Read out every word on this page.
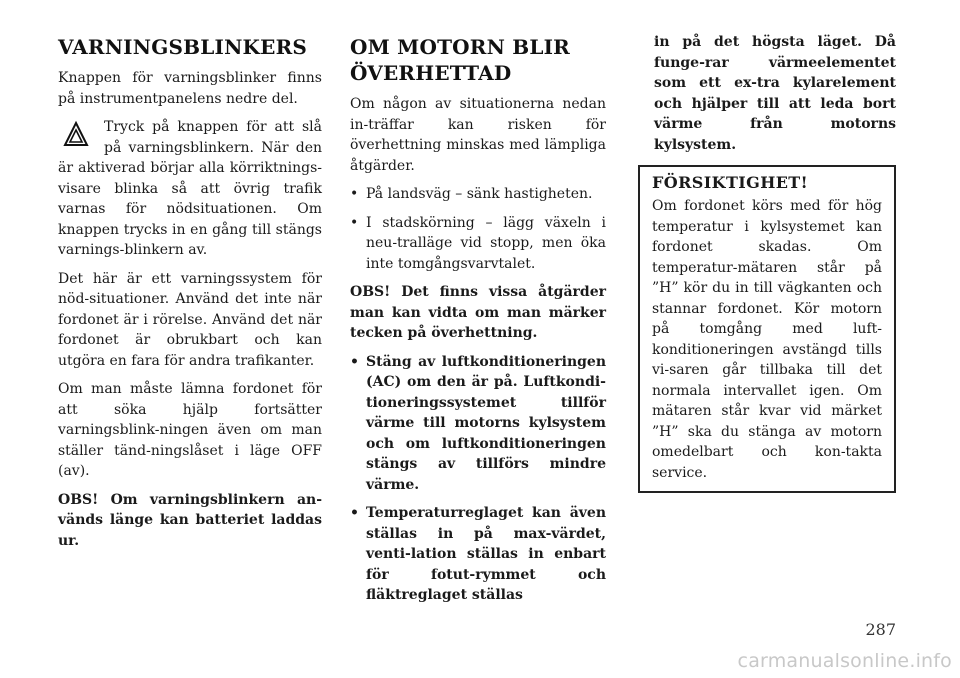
VARNINGSBLINKERS

Knappen för varningsblinker finns på instrumentpanelens nedre del.

Tryck på knappen för att slå på varningsblinkern. När den är aktiverad börjar alla körriktnings-visare blinka så att övrig trafik varnas för nödsituationen. Om knappen trycks in en gång till stängs varnings-blinkern av.

Det här är ett varningssystem för nöd-situationer. Använd det inte när fordonet är i rörelse. Använd det när fordonet är obrukbart och kan utgöra en fara för andra trafikanter.

Om man måste lämna fordonet för att söka hjälp fortsätter varningsblink-ningen även om man ställer tänd-ningslåset i läge OFF (av).

OBS! Om varningsblinkern an-vänds länge kan batteriet laddas ur.

OM MOTORN BLIR ÖVERHETTAD

Om någon av situationerna nedan in-träffar kan risken för överhettning minskas med lämpliga åtgärder.

• På landsväg – sänk hastigheten.
• I stadskörning – lägg växeln i neu-tralläge vid stopp, men öka inte tomgångsvarvtalet.

OBS! Det finns vissa åtgärder man kan vidta om man märker tecken på överhettning.

• Stäng av luftkonditioneringen (AC) om den är på. Luftkondi-tioneringssystemet tillför värme till motorns kylsystem och om luftkonditioneringen stängs av tillförs mindre värme.
• Temperaturreglaget kan även ställas in på max-värdet, venti-lation ställas in enbart för fotut-rymmet och fläktreglaget ställas

in på det högsta läget. Då funge-rar värmeelementet som ett ex-tra kylarelement och hjälper till att leda bort värme från motorns kylsystem.

FÖRSIKTIGHET!

Om fordonet körs med för hög temperatur i kylsystemet kan fordonet skadas. Om temperatur-mätaren står på ”H” kör du in till vägkanten och stannar fordonet. Kör motorn på tomgång med luft-konditioneringen avstängd tills vi-saren går tillbaka till det normala intervallet igen. Om mätaren står kvar vid märket ”H” ska du stänga av motorn omedelbart och kon-takta service.

287
carmanualsonline.info
